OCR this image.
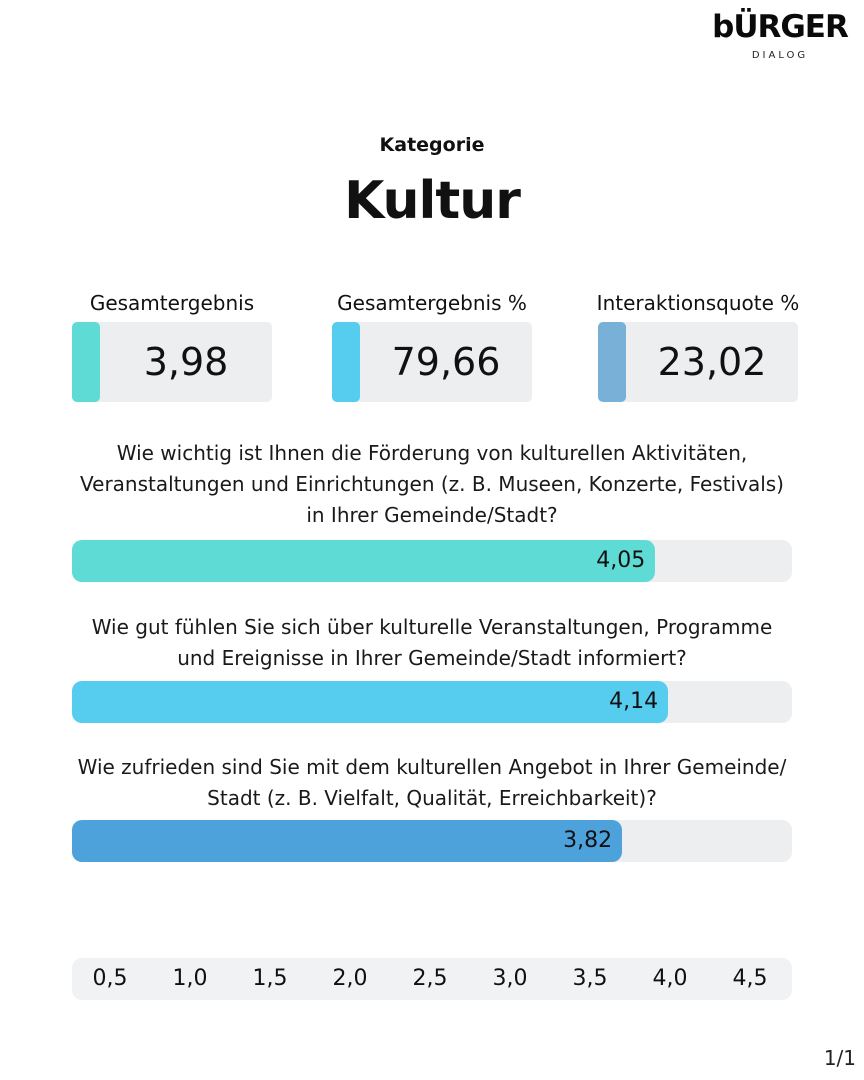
bÜRGER
DIALOG
Kategorie
Kultur
Gesamtergebnis
3,98
Gesamtergebnis %
79,66
Interaktionsquote %
23,02
Wie wichtig ist Ihnen die Förderung von kulturellen Aktivitäten,
Veranstaltungen und Einrichtungen (z. B. Museen, Konzerte, Festivals)
in Ihrer Gemeinde/Stadt?
4,05
Wie gut fühlen Sie sich über kulturelle Veranstaltungen, Programme
und Ereignisse in Ihrer Gemeinde/Stadt informiert?
4,14
Wie zufrieden sind Sie mit dem kulturellen Angebot in Ihrer Gemeinde/
Stadt (z. B. Vielfalt, Qualität, Erreichbarkeit)?
3,82
0,5	1,0	1,5	2,0	2,5	3,0	3,5	4,0	4,5
1/1
